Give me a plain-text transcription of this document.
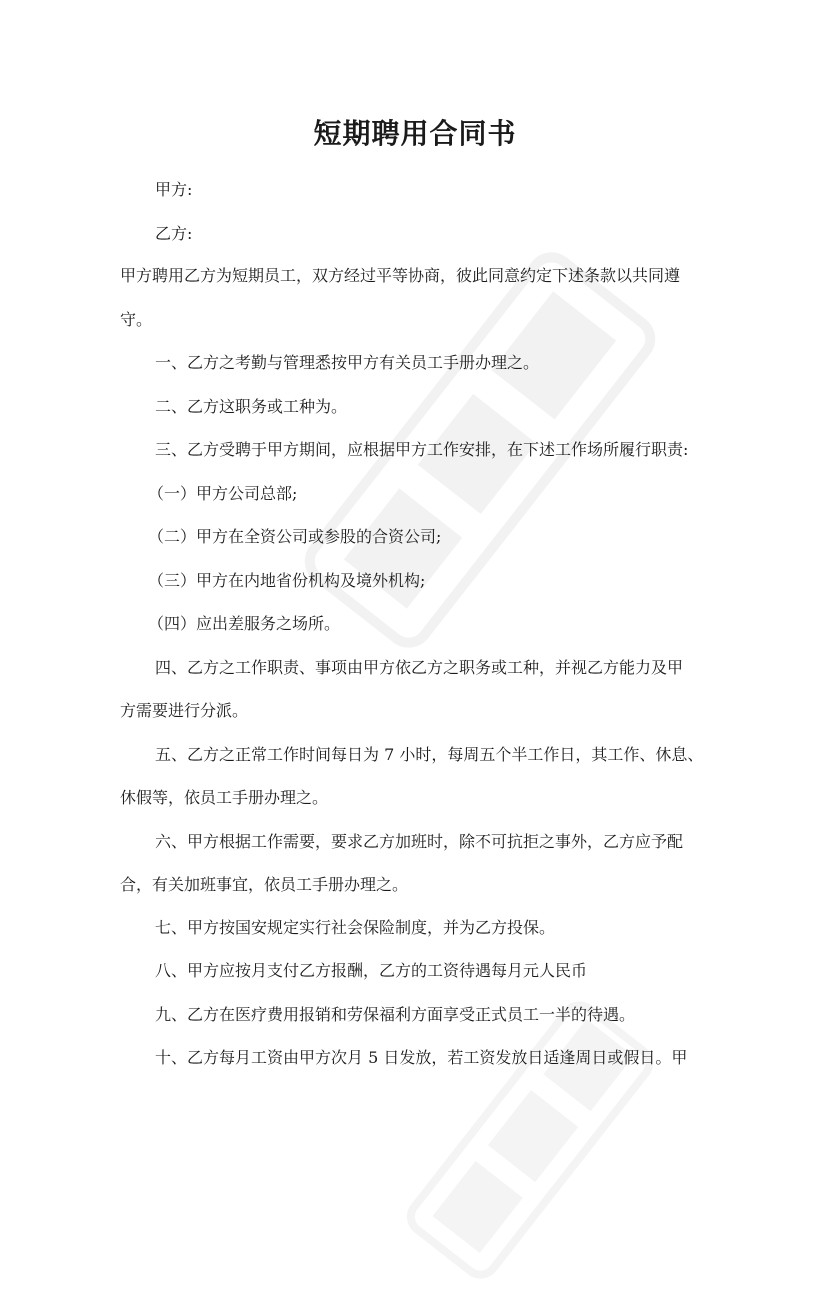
短期聘用合同书

甲方:

乙方:

甲方聘用乙方为短期员工，双方经过平等协商，彼此同意约定下述条款以共同遵

守。

一、乙方之考勤与管理悉按甲方有关员工手册办理之。

二、乙方这职务或工种为。

三、乙方受聘于甲方期间，应根据甲方工作安排，在下述工作场所履行职责:

（一）甲方公司总部;

（二）甲方在全资公司或参股的合资公司;

（三）甲方在内地省份机构及境外机构;

（四）应出差服务之场所。

四、乙方之工作职责、事项由甲方依乙方之职务或工种，并视乙方能力及甲

方需要进行分派。

五、乙方之正常工作时间每日为 7 小时，每周五个半工作日，其工作、休息、

休假等，依员工手册办理之。

六、甲方根据工作需要，要求乙方加班时，除不可抗拒之事外，乙方应予配

合，有关加班事宜，依员工手册办理之。

七、甲方按国安规定实行社会保险制度，并为乙方投保。

八、甲方应按月支付乙方报酬，乙方的工资待遇每月元人民币

九、乙方在医疗费用报销和劳保福利方面享受正式员工一半的待遇。

十、乙方每月工资由甲方次月 5 日发放，若工资发放日适逢周日或假日。甲
